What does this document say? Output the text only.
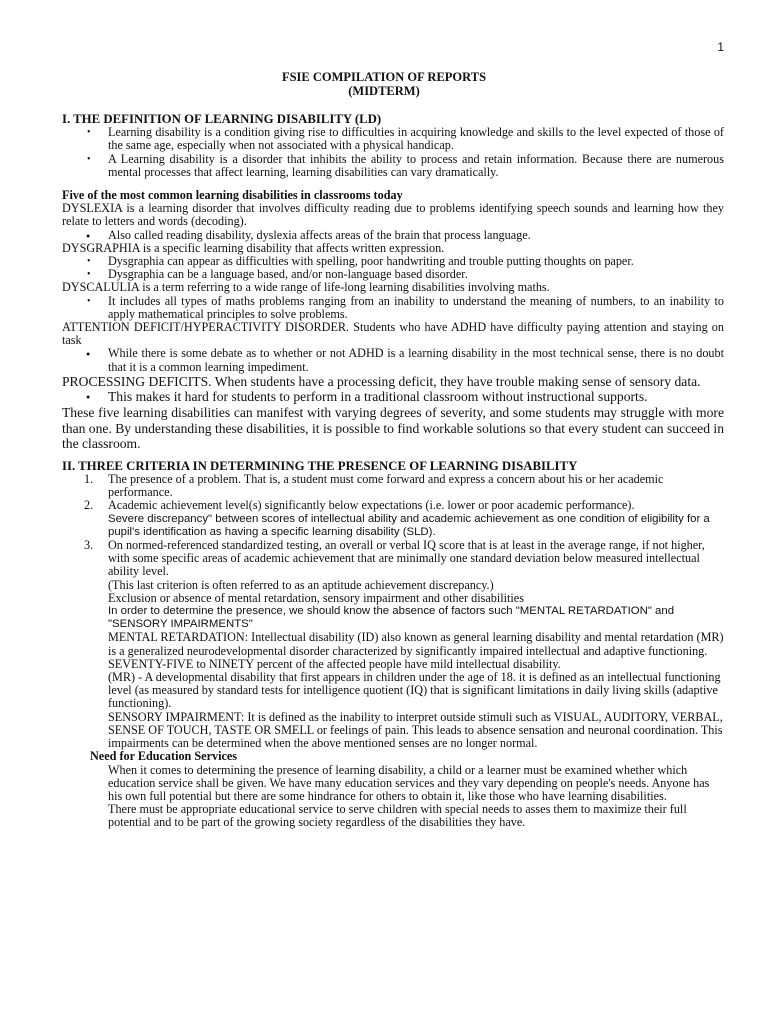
1
FSIE COMPILATION OF REPORTS
(MIDTERM)

I. THE DEFINITION OF LEARNING DISABILITY (LD)

• Learning disability is a condition giving rise to difficulties in acquiring knowledge and skills to the level expected of those of the same age, especially when not associated with a physical handicap.
• A Learning disability is a disorder that inhibits the ability to process and retain information. Because there are numerous mental processes that affect learning, learning disabilities can vary dramatically.

Five of the most common learning disabilities in classrooms today

DYSLEXIA is a learning disorder that involves difficulty reading due to problems identifying speech sounds and learning how they relate to letters and words (decoding).

● Also called reading disability, dyslexia affects areas of the brain that process language.

DYSGRAPHIA is a specific learning disability that affects written expression.

• Dysgraphia can appear as difficulties with spelling, poor handwriting and trouble putting thoughts on paper.
• Dysgraphia can be a language based, and/or non-language based disorder.

DYSCALULIA is a term referring to a wide range of life-long learning disabilities involving maths.

• It includes all types of maths problems ranging from an inability to understand the meaning of numbers, to an inability to apply mathematical principles to solve problems.

ATTENTION DEFICIT/HYPERACTIVITY DISORDER. Students who have ADHD have difficulty paying attention and staying on task

● While there is some debate as to whether or not ADHD is a learning disability in the most technical sense, there is no doubt that it is a common learning impediment.

PROCESSING DEFICITS. When students have a processing deficit, they have trouble making sense of sensory data.

● This makes it hard for students to perform in a traditional classroom without instructional supports.

These five learning disabilities can manifest with varying degrees of severity, and some students may struggle with more than one. By understanding these disabilities, it is possible to find workable solutions so that every student can succeed in the classroom.

II. THREE CRITERIA IN DETERMINING THE PRESENCE OF LEARNING DISABILITY

1. The presence of a problem. That is, a student must come forward and express a concern about his or her academic performance.
2. Academic achievement level(s) significantly below expectations (i.e. lower or poor academic performance).
Severe discrepancy" between scores of intellectual ability and academic achievement as one condition of eligibility for a pupil's identification as having a specific learning disability (SLD).
3. On normed-referenced standardized testing, an overall or verbal IQ score that is at least in the average range, if not higher, with some specific areas of academic achievement that are minimally one standard deviation below measured intellectual ability level.

(This last criterion is often referred to as an aptitude achievement discrepancy.)

Exclusion or absence of mental retardation, sensory impairment and other disabilities

In order to determine the presence, we should know the absence of factors such "MENTAL RETARDATION" and "SENSORY IMPAIRMENTS"

MENTAL RETARDATION: Intellectual disability (ID) also known as general learning disability and mental retardation (MR) is a generalized neurodevelopmental disorder characterized by significantly impaired intellectual and adaptive functioning. SEVENTY-FIVE to NINETY percent of the affected people have mild intellectual disability.

(MR) - A developmental disability that first appears in children under the age of 18. it is defined as an intellectual functioning level (as measured by standard tests for intelligence quotient (IQ) that is significant limitations in daily living skills (adaptive functioning).

SENSORY IMPAIRMENT: It is defined as the inability to interpret outside stimuli such as VISUAL, AUDITORY, VERBAL, SENSE OF TOUCH, TASTE OR SMELL or feelings of pain. This leads to absence sensation and neuronal coordination. This impairments can be determined when the above mentioned senses are no longer normal.

Need for Education Services

When it comes to determining the presence of learning disability, a child or a learner must be examined whether which education service shall be given. We have many education services and they vary depending on people's needs. Anyone has his own full potential but there are some hindrance for others to obtain it, like those who have learning disabilities.

There must be appropriate educational service to serve children with special needs to asses them to maximize their full potential and to be part of the growing society regardless of the disabilities they have.
